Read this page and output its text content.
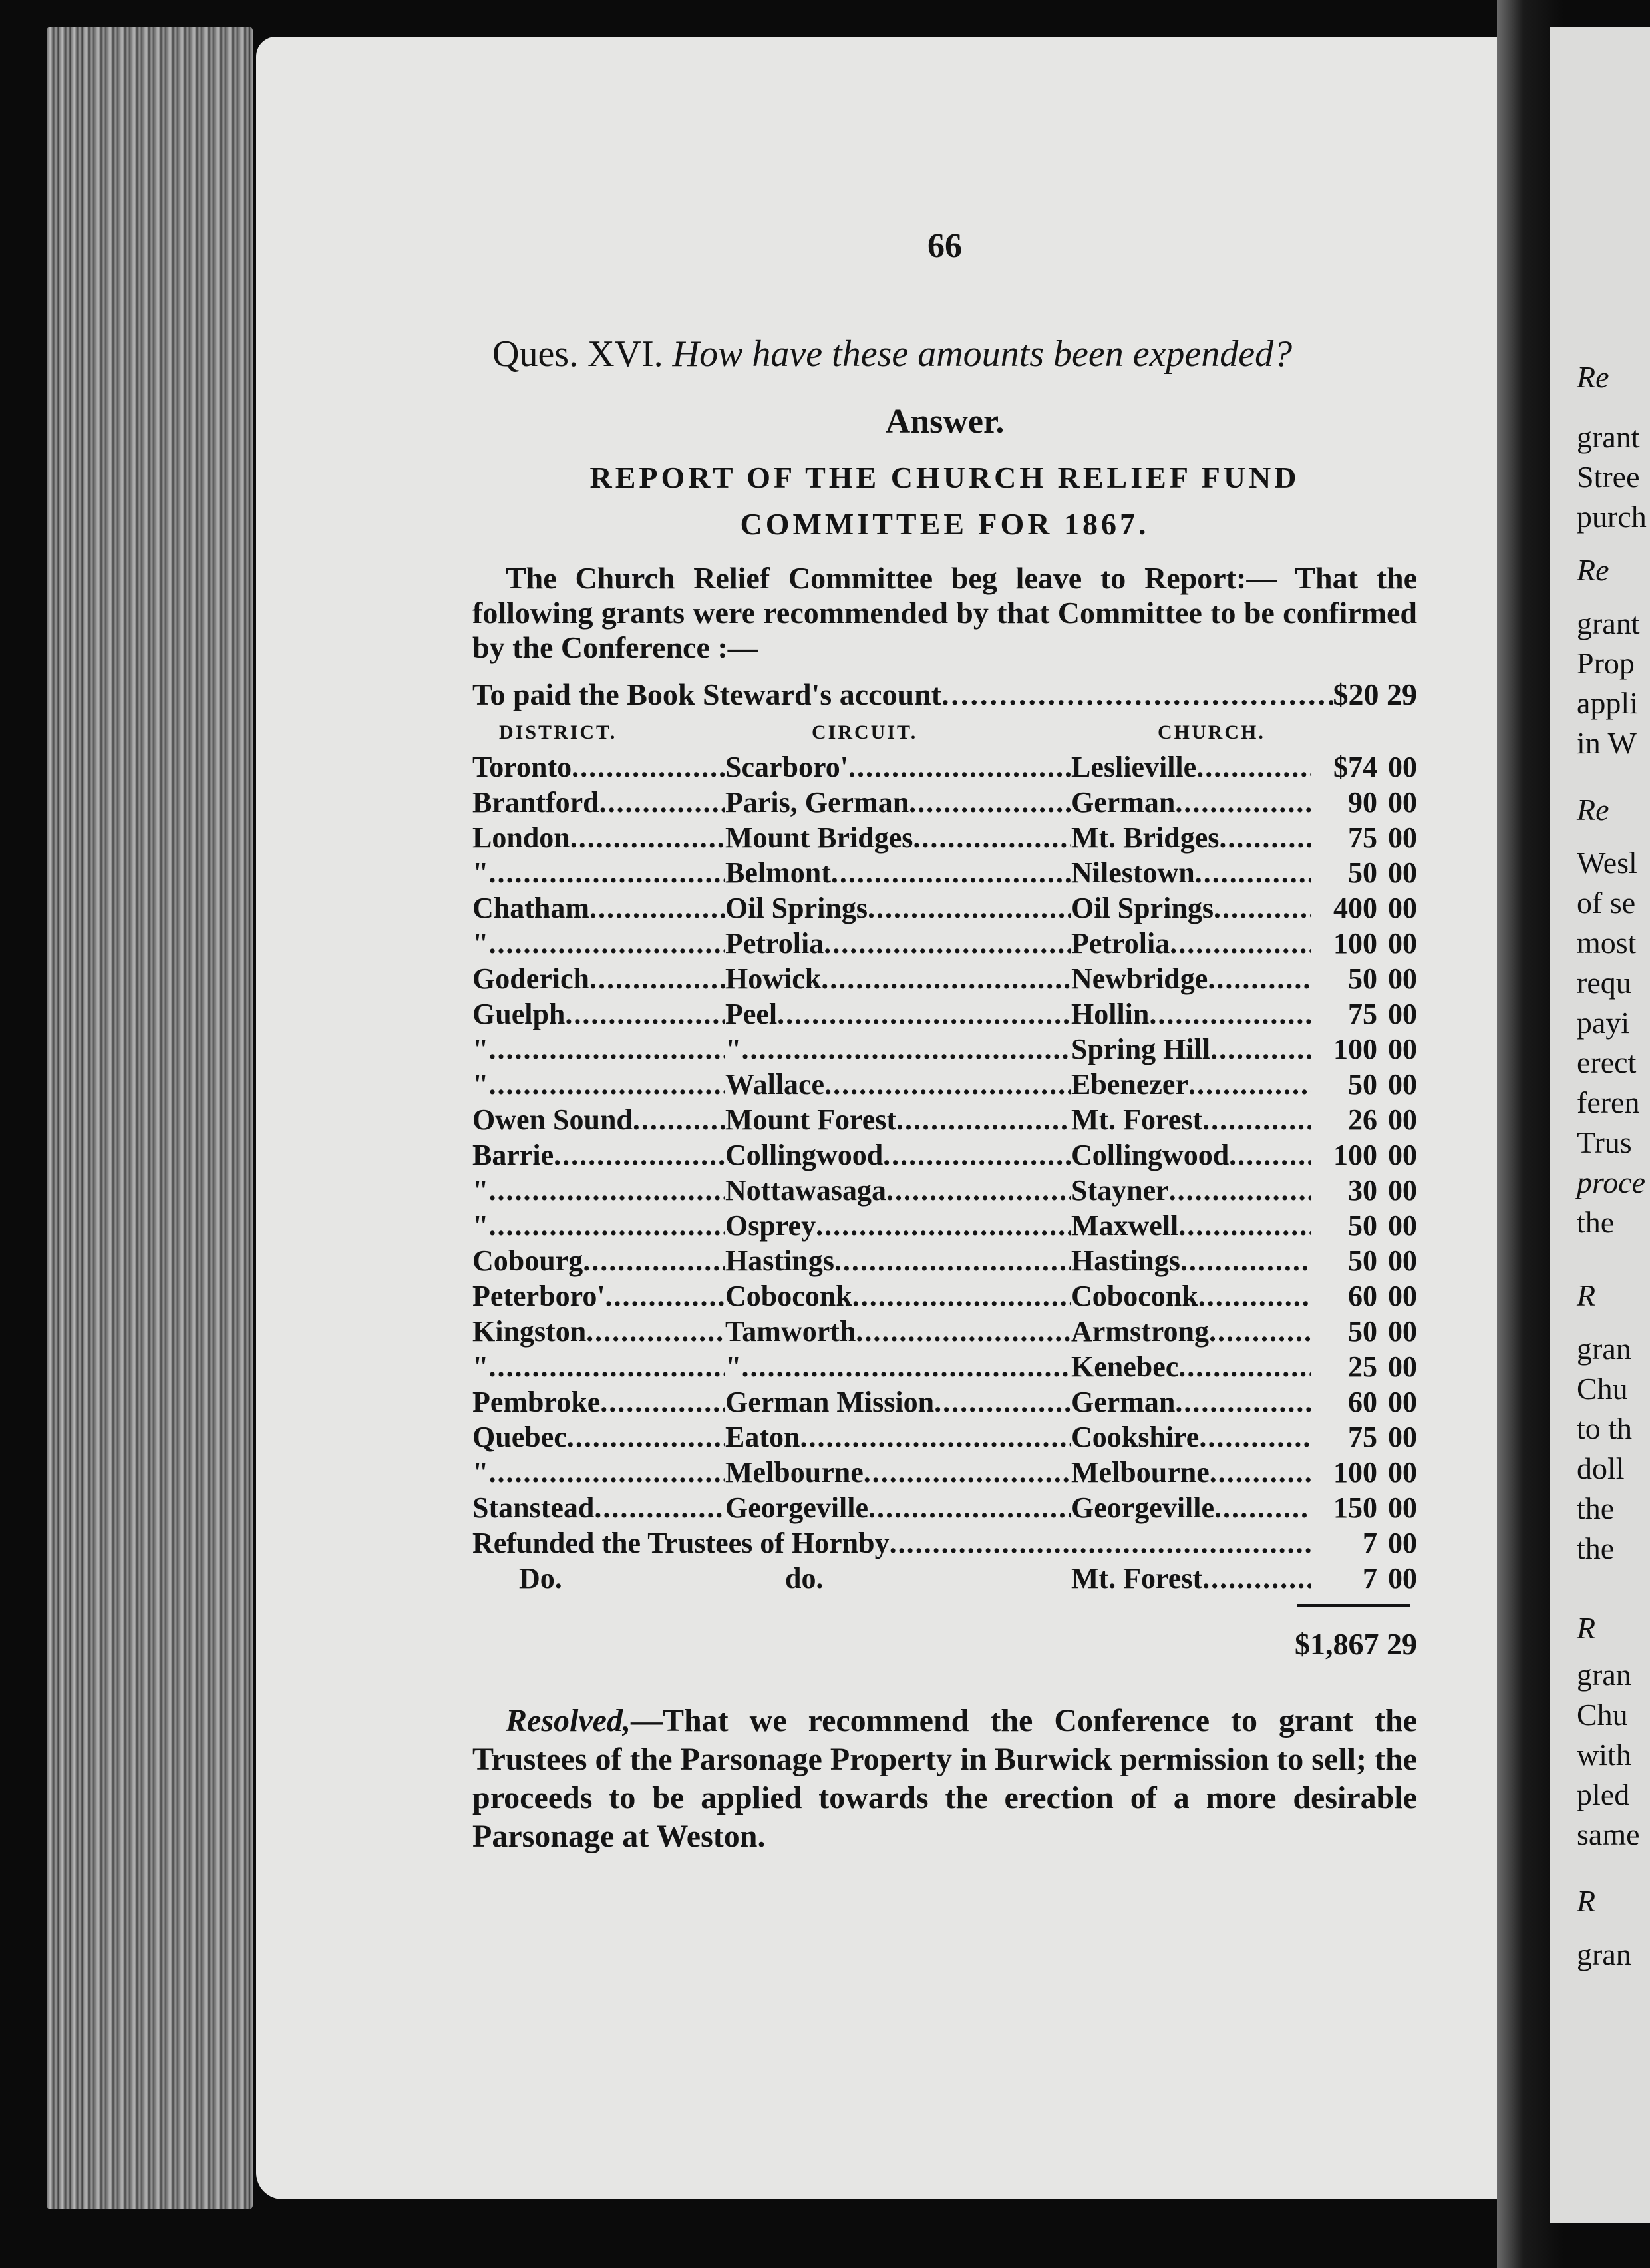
Re
grant
Stree
purch
Re
grant
Prop
appli
in W
Re
Wesl
of se
most
requ
payi
erect
feren
Trus
proce
the
R
gran
Chu
to th
doll
the
the
R
gran
Chu
with
pled
same
R
gran
66
Ques. XVI. How have these amounts been expended?
Answer.
REPORT OF THE CHURCH RELIEF FUND
COMMITTEE FOR 1867.
The Church Relief Committee beg leave to Report:— That the following grants were recommended by that Committee to be confirmed by the Conference :—
To paid the Book Steward's account .....	$20 29
DISTRICT.	CIRCUIT.	CHURCH.	
Toronto .....	Scarboro' .....	Leslieville .....	$74 00
Brantford .....	Paris, German .....	German .....	90 00
London .....	Mount Bridges .....	Mt. Bridges .....	75 00
" .....	Belmont .....	Nilestown .....	50 00
Chatham .....	Oil Springs .....	Oil Springs .....	400 00
" .....	Petrolia .....	Petrolia .....	100 00
Goderich .....	Howick .....	Newbridge .....	50 00
Guelph .....	Peel .....	Hollin .....	75 00
" .....	" .....	Spring Hill .....	100 00
" .....	Wallace .....	Ebenezer .....	50 00
Owen Sound .....	Mount Forest .....	Mt. Forest .....	26 00
Barrie .....	Collingwood .....	Collingwood .....	100 00
" .....	Nottawasaga .....	Stayner .....	30 00
" .....	Osprey .....	Maxwell .....	50 00
Cobourg .....	Hastings .....	Hastings .....	50 00
Peterboro' .....	Coboconk .....	Coboconk .....	60 00
Kingston .....	Tamworth .....	Armstrong .....	50 00
" .....	" .....	Kenebec .....	25 00
Pembroke .....	German Mission .....	German .....	60 00
Quebec .....	Eaton .....	Cookshire .....	75 00
" .....	Melbourne .....	Melbourne .....	100 00
Stanstead .....	Georgeville .....	Georgeville .....	150 00
Refunded the Trustees of Hornby .....			7 00
Do.	do.	Mt. Forest .....	7 00
$1,867 29
Resolved,—That we recommend the Conference to grant the Trustees of the Parsonage Property in Burwick permission to sell; the proceeds to be applied towards the erection of a more desirable Parsonage at Weston.
